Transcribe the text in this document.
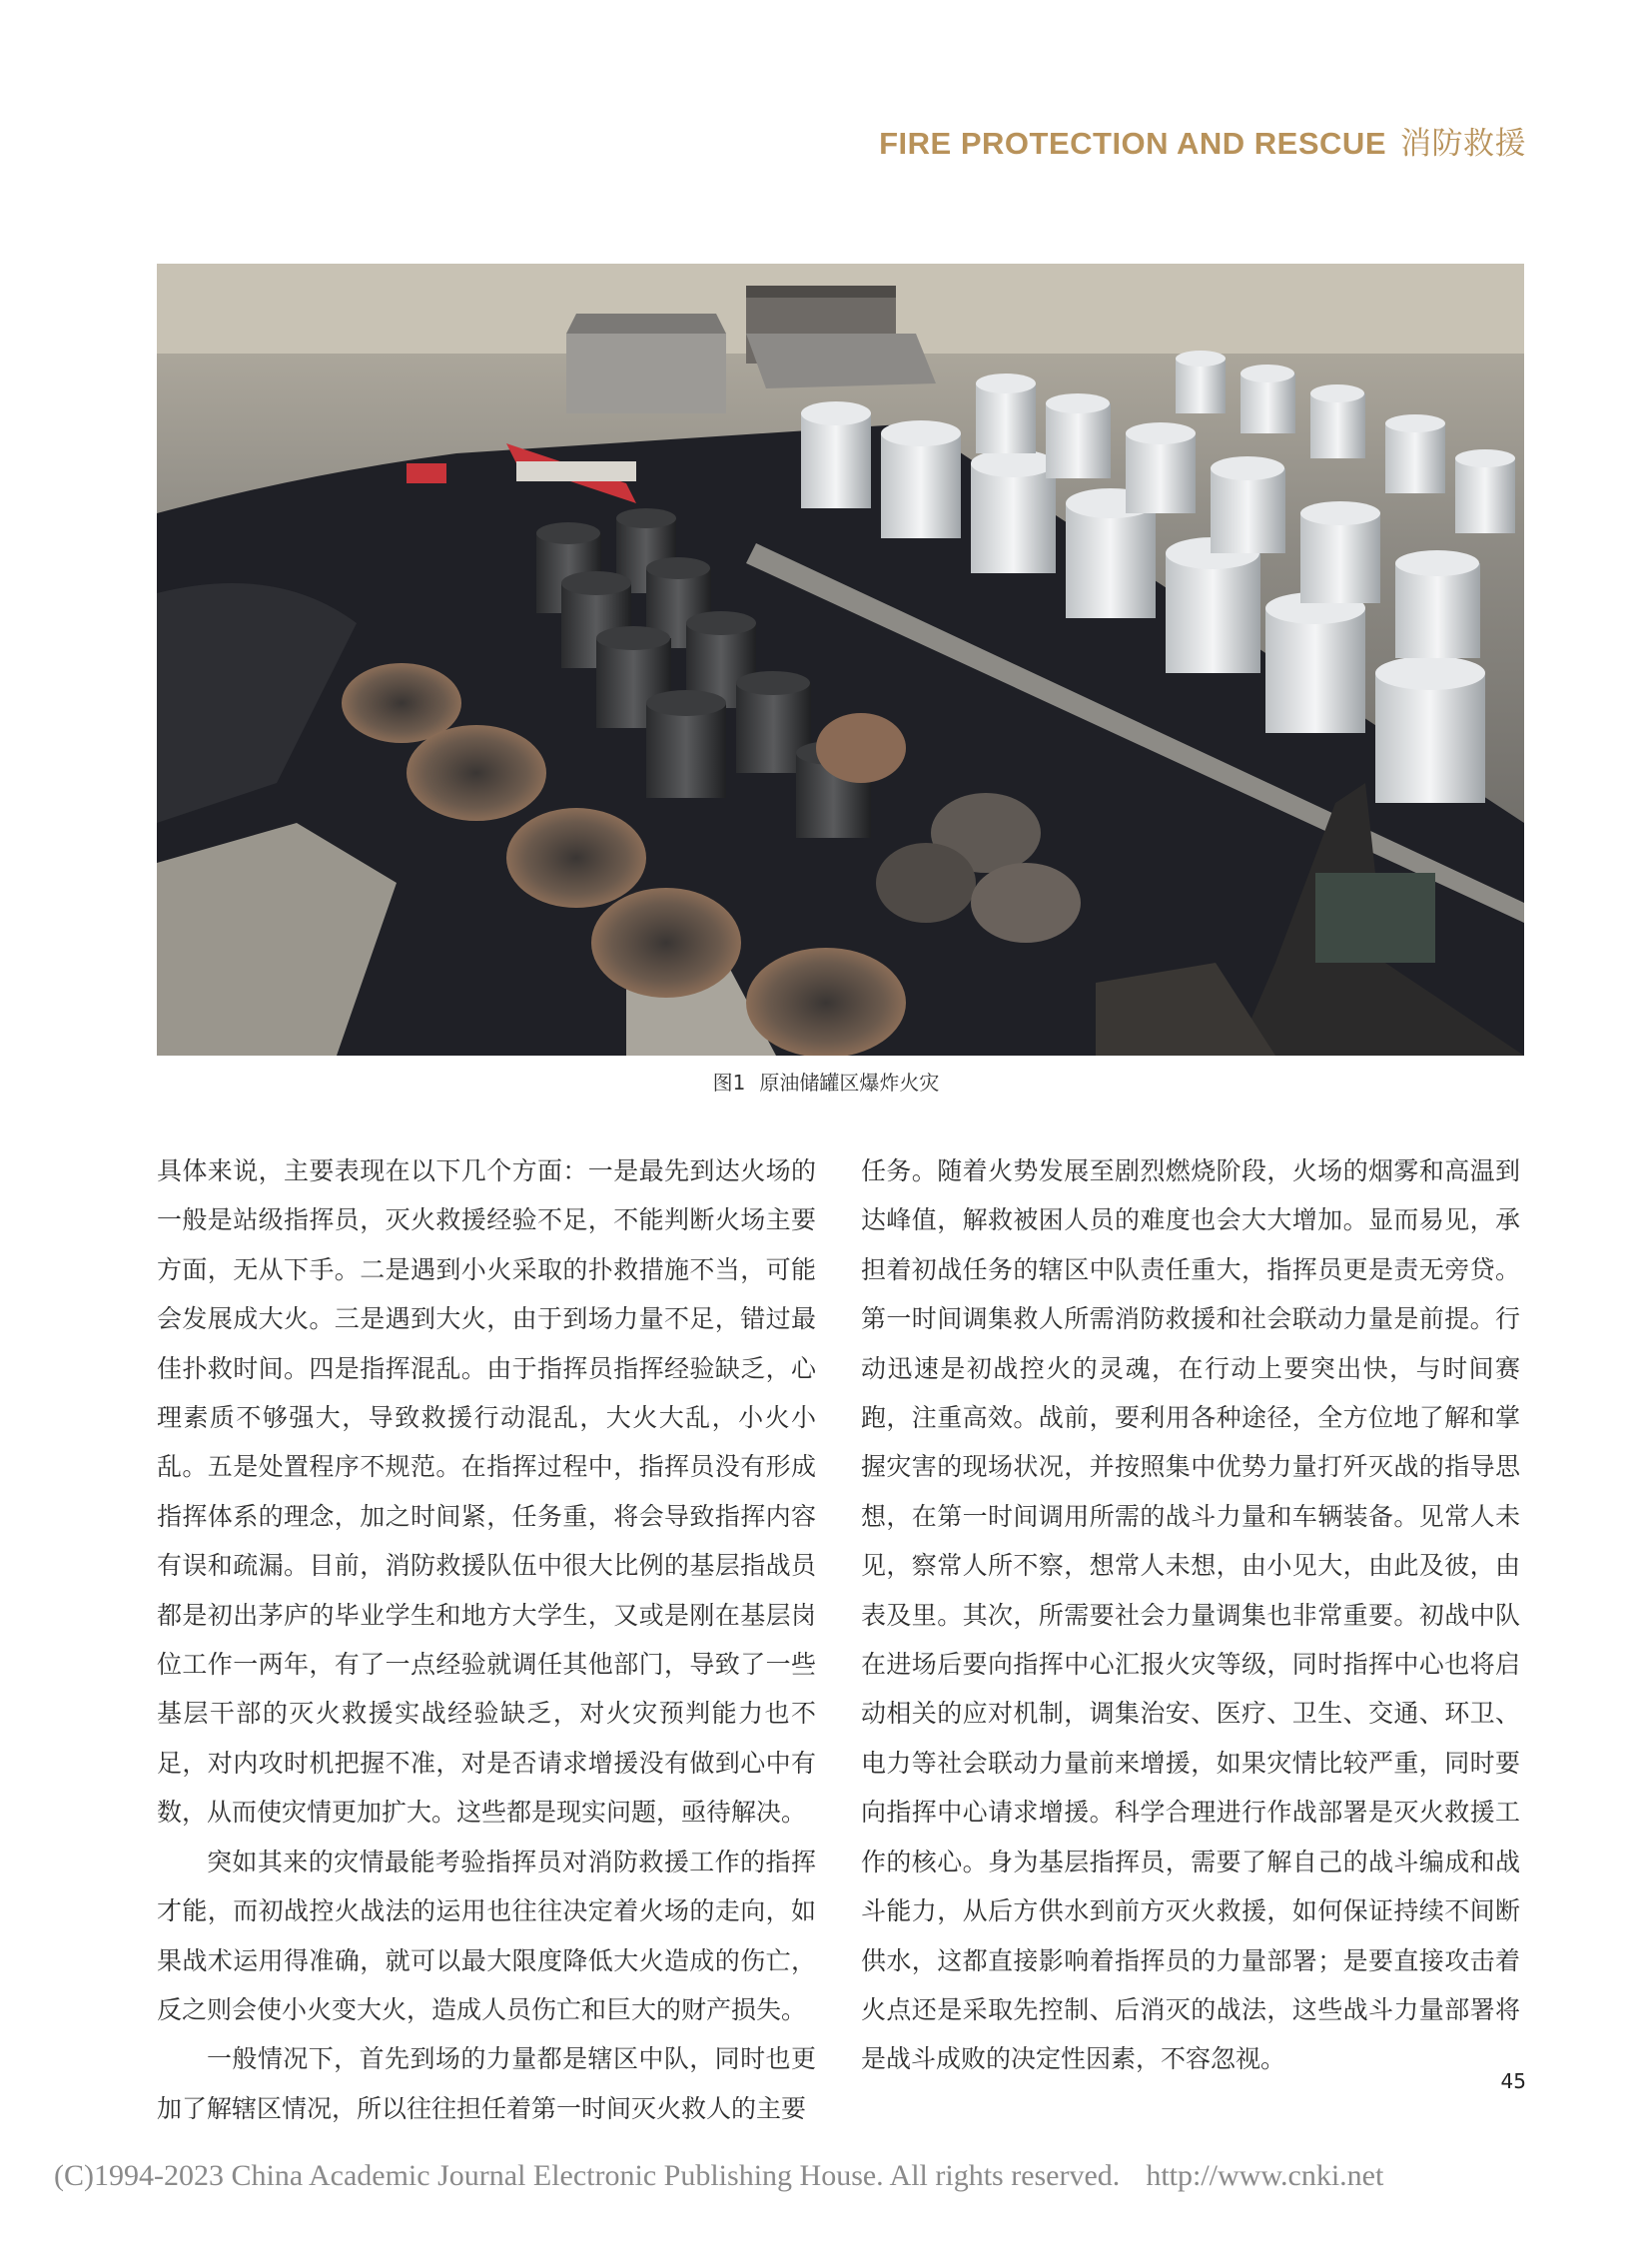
FIRE PROTECTION AND RESCUE 消防救援
图1 原油储罐区爆炸火灾

具体来说，主要表现在以下几个方面：一是最先到达火场的一般是站级指挥员，灭火救援经验不足，不能判断火场主要方面，无从下手。二是遇到小火采取的扑救措施不当，可能会发展成大火。三是遇到大火，由于到场力量不足，错过最佳扑救时间。四是指挥混乱。由于指挥员指挥经验缺乏，心理素质不够强大，导致救援行动混乱，大火大乱，小火小乱。五是处置程序不规范。在指挥过程中，指挥员没有形成指挥体系的理念，加之时间紧，任务重，将会导致指挥内容有误和疏漏。目前，消防救援队伍中很大比例的基层指战员都是初出茅庐的毕业学生和地方大学生，又或是刚在基层岗位工作一两年，有了一点经验就调任其他部门，导致了一些基层干部的灭火救援实战经验缺乏，对火灾预判能力也不足，对内攻时机把握不准，对是否请求增援没有做到心中有数，从而使灾情更加扩大。这些都是现实问题，亟待解决。

突如其来的灾情最能考验指挥员对消防救援工作的指挥才能，而初战控火战法的运用也往往决定着火场的走向，如果战术运用得准确，就可以最大限度降低大火造成的伤亡，反之则会使小火变大火，造成人员伤亡和巨大的财产损失。

一般情况下，首先到场的力量都是辖区中队，同时也更加了解辖区情况，所以往往担任着第一时间灭火救人的主要

任务。随着火势发展至剧烈燃烧阶段，火场的烟雾和高温到达峰值，解救被困人员的难度也会大大增加。显而易见，承担着初战任务的辖区中队责任重大，指挥员更是责无旁贷。第一时间调集救人所需消防救援和社会联动力量是前提。行动迅速是初战控火的灵魂，在行动上要突出快，与时间赛跑，注重高效。战前，要利用各种途径，全方位地了解和掌握灾害的现场状况，并按照集中优势力量打歼灭战的指导思想，在第一时间调用所需的战斗力量和车辆装备。见常人未见，察常人所不察，想常人未想，由小见大，由此及彼，由表及里。其次，所需要社会力量调集也非常重要。初战中队在进场后要向指挥中心汇报火灾等级，同时指挥中心也将启动相关的应对机制，调集治安、医疗、卫生、交通、环卫、电力等社会联动力量前来增援，如果灾情比较严重，同时要向指挥中心请求增援。科学合理进行作战部署是灭火救援工作的核心。身为基层指挥员，需要了解自己的战斗编成和战斗能力，从后方供水到前方灭火救援，如何保证持续不间断供水，这都直接影响着指挥员的力量部署；是要直接攻击着火点还是采取先控制、后消灭的战法，这些战斗力量部署将是战斗成败的决定性因素，不容忽视。

45
(C)1994-2023 China Academic Journal Electronic Publishing House. All rights reserved. http://www.cnki.net
